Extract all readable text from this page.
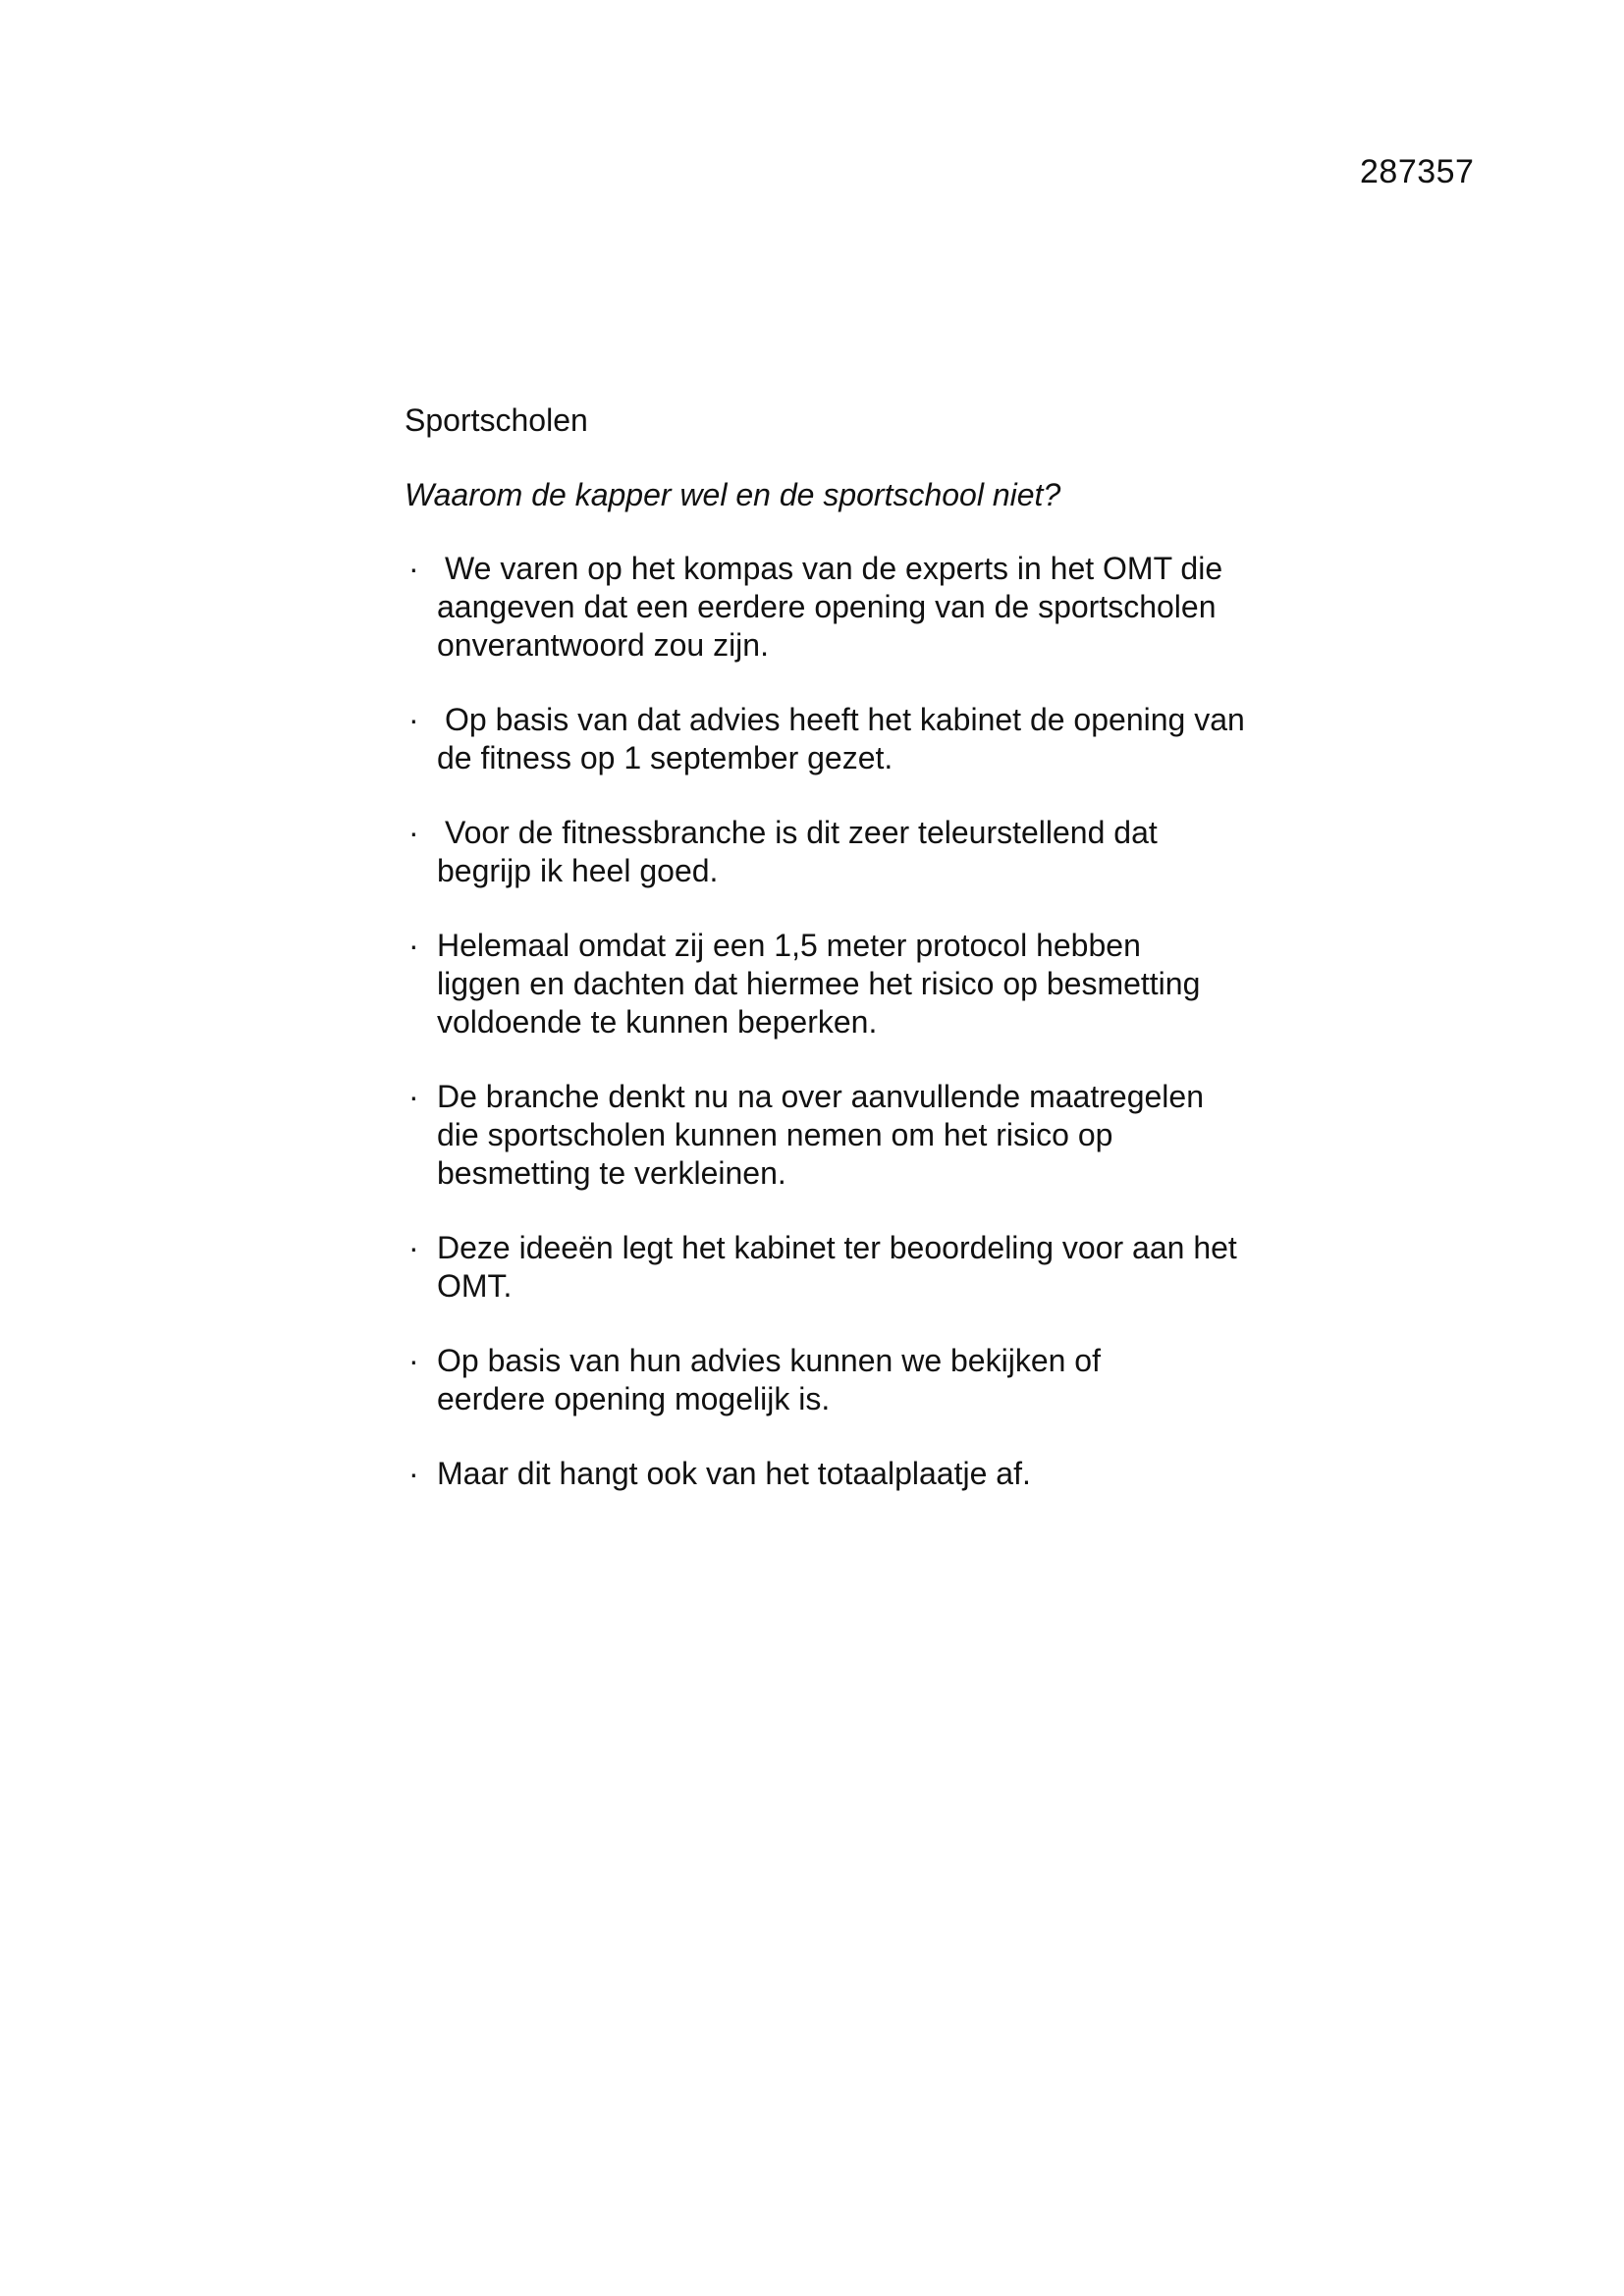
287357

Sportscholen

Waarom de kapper wel en de sportschool niet?

· We varen op het kompas van de experts in het OMT die aangeven dat een eerdere opening van de sportscholen onverantwoord zou zijn.
· Op basis van dat advies heeft het kabinet de opening van de fitness op 1 september gezet.
· Voor de fitnessbranche is dit zeer teleurstellend dat begrijp ik heel goed.
· Helemaal omdat zij een 1,5 meter protocol hebben liggen en dachten dat hiermee het risico op besmetting voldoende te kunnen beperken.
· De branche denkt nu na over aanvullende maatregelen die sportscholen kunnen nemen om het risico op besmetting te verkleinen.
· Deze ideeën legt het kabinet ter beoordeling voor aan het OMT.
· Op basis van hun advies kunnen we bekijken of eerdere opening mogelijk is.
· Maar dit hangt ook van het totaalplaatje af.
